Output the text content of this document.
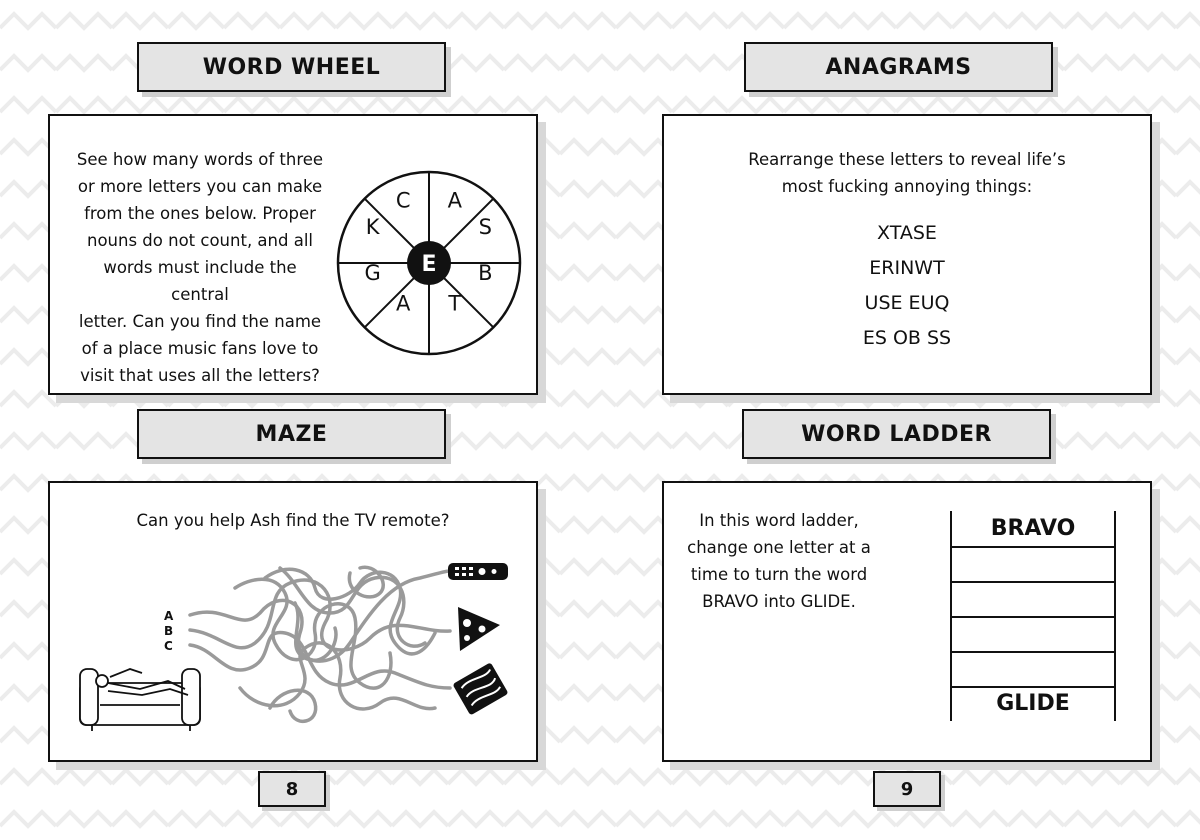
WORD WHEEL
See how many words of three
or more letters you can make
from the ones below. Proper
nouns do not count, and all
words must include the central
letter. Can you find the name
of a place music fans love to
visit that uses all the letters?
E
A
S
B
T
A
G
K
C
ANAGRAMS
Rearrange these letters to reveal life’s
most fucking annoying things:
XTASE
ERINWT
USE EUQ
ES OB SS
MAZE
Can you help Ash find the TV remote?
A
B
C
WORD LADDER
In this word ladder,
change one letter at a
time to turn the word
BRAVO into GLIDE.
BRAVO
GLIDE
8	9
